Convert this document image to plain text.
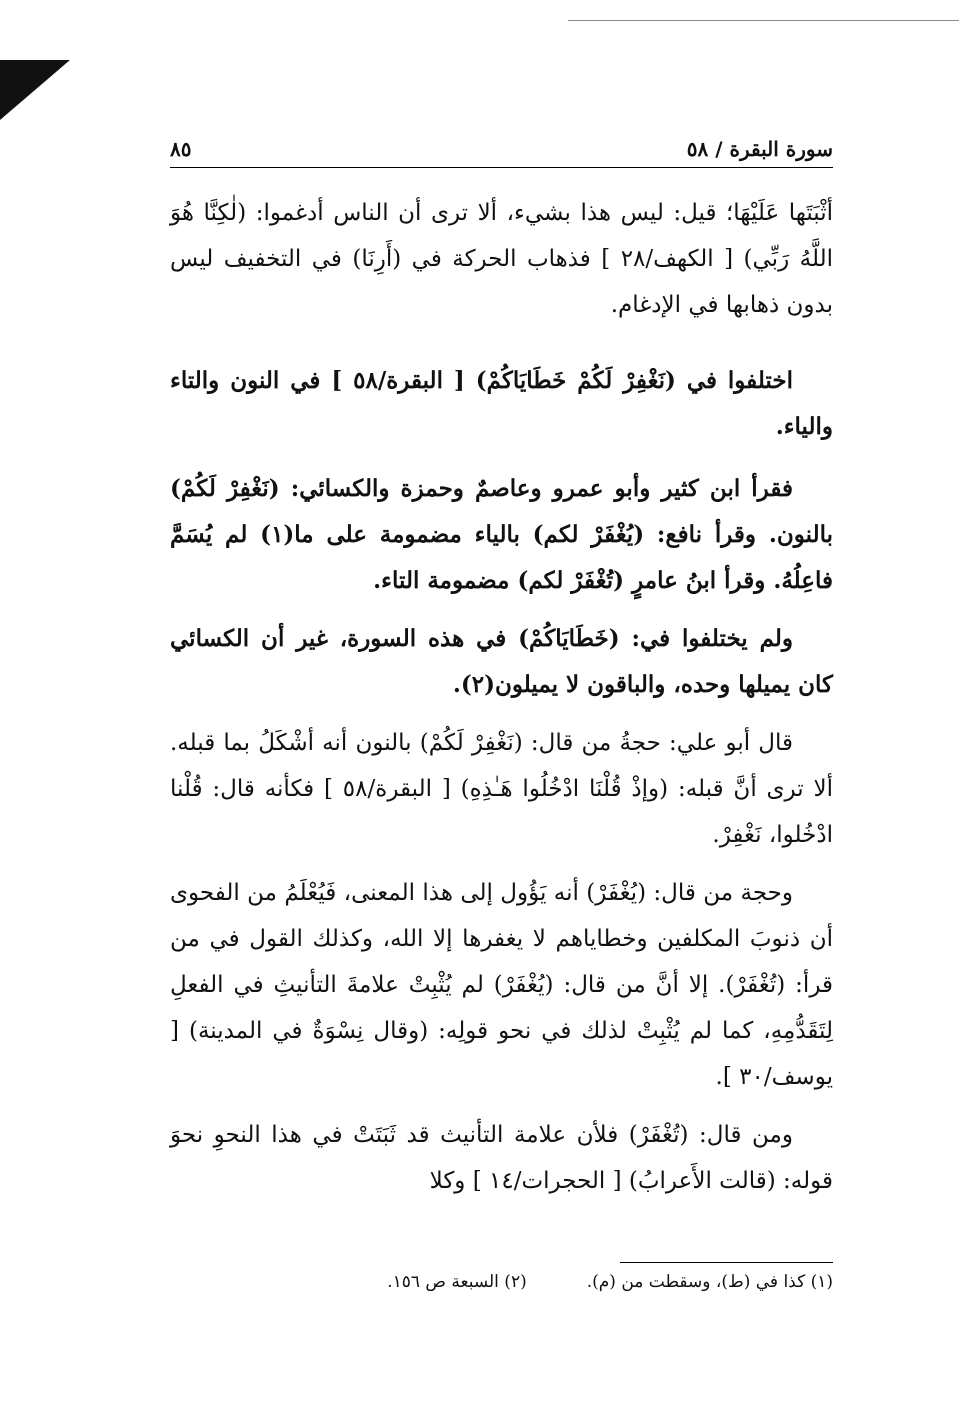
سورة البقرة / ٥٨
٨٥

أثْبَتَها عَلَيْهَا؛ قيل: ليس هذا بشيء، ألا ترى أن الناس أدغموا: (لٰكِنَّا هُوَ اللَّهُ رَبِّي) [ الكهف/٢٨ ] فذهاب الحركة في (أَرِنَا) في التخفيف ليس بدون ذهابها في الإدغام.

اختلفوا في (نَغْفِرْ لَكُمْ خَطَايَاكُمْ) [ البقرة/٥٨ ] في النون والتاء والياء.

فقرأ ابن كثير وأبو عمرو وعاصمٌ وحمزة والكسائي: (نَغْفِرْ لَكُمْ) بالنون. وقرأ نافع: (يُغْفَرْ لكم) بالياء مضمومة على ما(١) لم يُسَمَّ فاعِلُهُ. وقرأ ابنُ عامرٍ (تُغْفَرْ لكم) مضمومة التاء.

ولم يختلفوا في: (خَطَايَاكُمْ) في هذه السورة، غير أن الكسائي كان يميلها وحده، والباقون لا يميلون(٢).

قال أبو علي: حجةُ من قال: (نَغْفِرْ لَكُمْ) بالنون أنه أشْكَلُ بما قبله. ألا ترى أنَّ قبله: (وإذْ قُلْنَا ادْخُلُوا هَـٰذِهِ) [ البقرة/٥٨ ] فكأنه قال: قُلْنا ادْخُلوا، نَغْفِرْ.

وحجة من قال: (يُغْفَرْ) أنه يَؤُول إلى هذا المعنى، فَيُعْلَمُ من الفحوى أن ذنوبَ المكلفين وخطاياهم لا يغفرها إلا الله، وكذلك القول في من قرأ: (تُغْفَرْ). إلا أنَّ من قال: (يُغْفَرْ) لم يُثْبِتْ علامةَ التأنيثِ في الفعلِ لِتَقَدُّمِهِ، كما لم يُثْبِتْ لذلك في نحو قولِه: (وقال نِسْوَةٌ في المدينة) [ يوسف/٣٠ ].

ومن قال: (تُغْفَرْ) فلأن علامة التأنيث قد ثَبَتَتْ في هذا النحوِ نحوَ قوله: (قالت الأَعرابُ) [ الحجرات/١٤ ] وكلا

(١) كذا في (ط)، وسقطت من (م).
(٢) السبعة ص ١٥٦.
